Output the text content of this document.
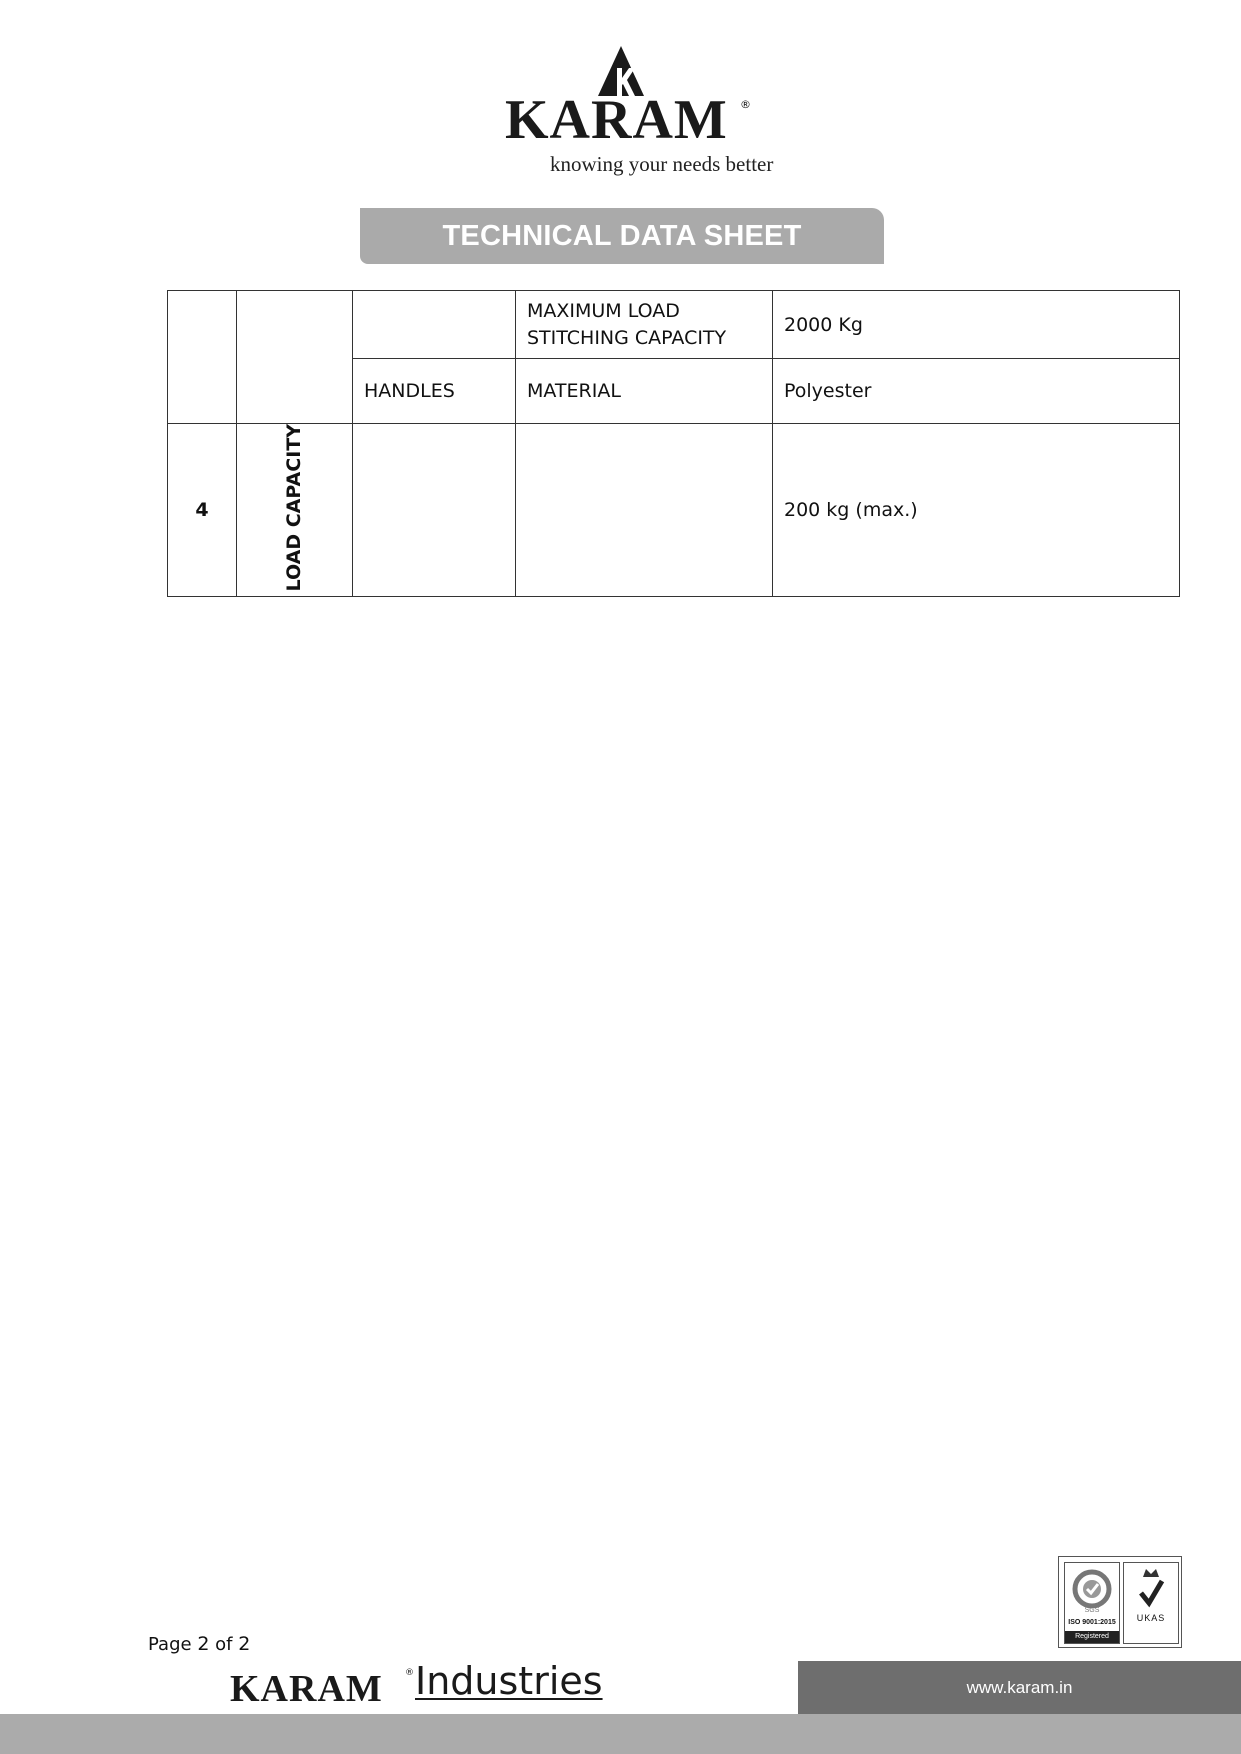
KARAM ®
knowing your needs better
TECHNICAL DATA SHEET
			MAXIMUM LOAD STITCHING CAPACITY	2000 Kg
		HANDLES	MATERIAL	Polyester
4	LOAD CAPACITY			200 kg (max.)
SGS
ISO 9001:2015
Registered
UKAS
Page 2 of 2
KARAM ® Industries	www.karam.in
